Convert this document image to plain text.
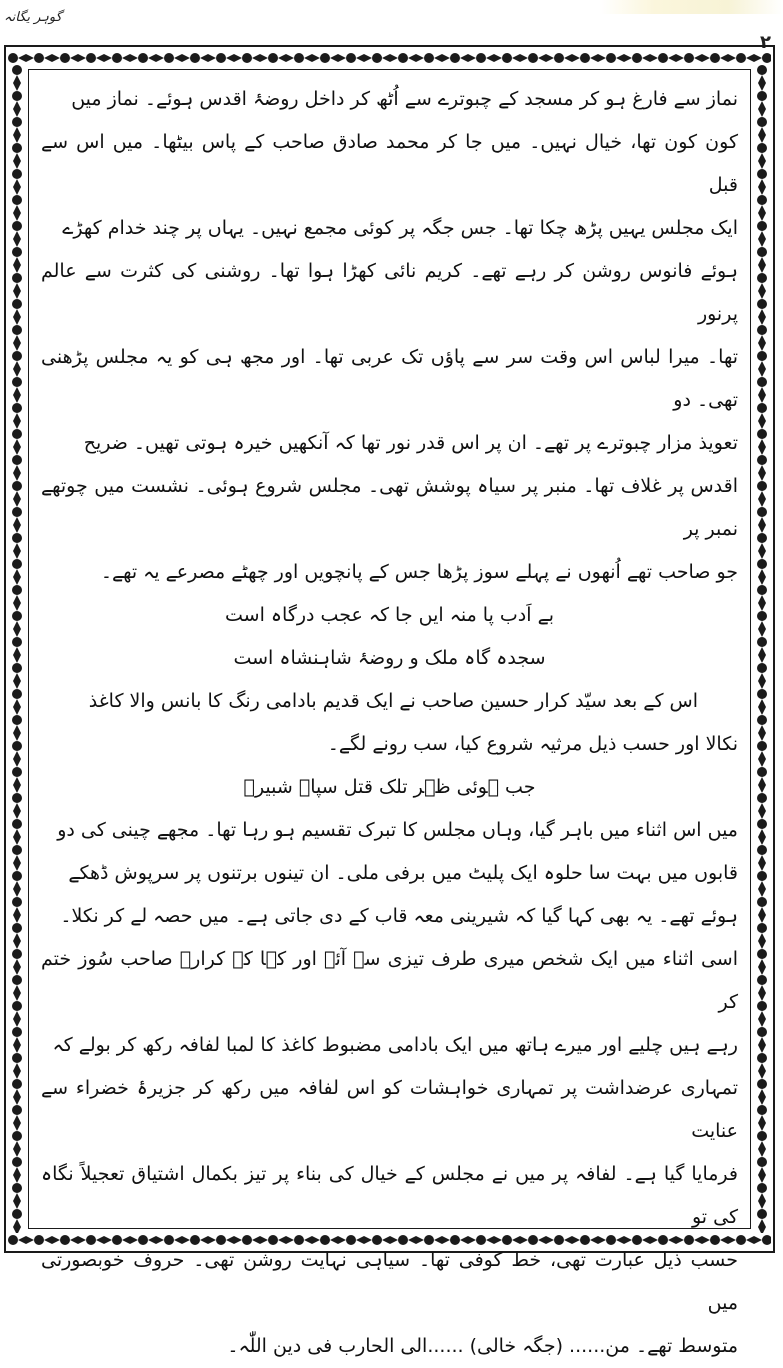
گوہر یگانہ
۲

نماز سے فارغ ہو کر مسجد کے چبوترے سے اُٹھ کر داخل روضۂ اقدس ہوئے۔ نماز میں

کون کون تھا، خیال نہیں۔ میں جا کر محمد صادق صاحب کے پاس بیٹھا۔ میں اس سے قبل

ایک مجلس یہیں پڑھ چکا تھا۔ جس جگہ پر کوئی مجمع نہیں۔ یہاں پر چند خدام کھڑے

ہوئے فانوس روشن کر رہے تھے۔ کریم نائی کھڑا ہوا تھا۔ روشنی کی کثرت سے عالم پرنور

تھا۔ میرا لباس اس وقت سر سے پاؤں تک عربی تھا۔ اور مجھ ہی کو یہ مجلس پڑھنی تھی۔ دو

تعویذ مزار چبوترے پر تھے۔ ان پر اس قدر نور تھا کہ آنکھیں خیرہ ہوتی تھیں۔ ضریح

اقدس پر غلاف تھا۔ منبر پر سیاہ پوشش تھی۔ مجلس شروع ہوئی۔ نشست میں چوتھے نمبر پر

جو صاحب تھے اُنھوں نے پہلے سوز پڑھا جس کے پانچویں اور چھٹے مصرعے یہ تھے۔

بے اَدب پا منہ ایں جا کہ عجب درگاہ است

سجدہ گاہ ملک و روضۂ شاہنشاہ است

اس کے بعد سیّد کرار حسین صاحب نے ایک قدیم بادامی رنگ کا بانس والا کاغذ

نکالا اور حسب ذیل مرثیہ شروع کیا، سب رونے لگے۔

جب ہوئی ظہر تلک قتل سپاہ شبیرؑ

میں اس اثناء میں باہر گیا، وہاں مجلس کا تبرک تقسیم ہو رہا تھا۔ مجھے چینی کی دو

قابوں میں بہت سا حلوہ ایک پلیٹ میں برفی ملی۔ ان تینوں برتنوں پر سرپوش ڈھکے

ہوئے تھے۔ یہ بھی کہا گیا کہ شیرینی معہ قاب کے دی جاتی ہے۔ میں حصہ لے کر نکلا۔

اسی اثناء میں ایک شخص میری طرف تیزی سے آئے اور کہا کہ کرارؔ صاحب سُوز ختم کر

رہے ہیں چلیے اور میرے ہاتھ میں ایک بادامی مضبوط کاغذ کا لمبا لفافہ رکھ کر بولے کہ

تمہاری عرضداشت پر تمہاری خواہشات کو اس لفافہ میں رکھ کر جزیرۂ خضراء سے عنایت

فرمایا گیا ہے۔ لفافہ پر میں نے مجلس کے خیال کی بناء پر تیز بکمال اشتیاق تعجیلاً نگاہ کی تو

حسب ذیل عبارت تھی، خط کوفی تھا۔ سیاہی نہایت روشن تھی۔ حروف خوبصورتی میں

متوسط تھے۔ من...... (جگہ خالی) ......الی الحارب فی دین اللّٰہ۔
